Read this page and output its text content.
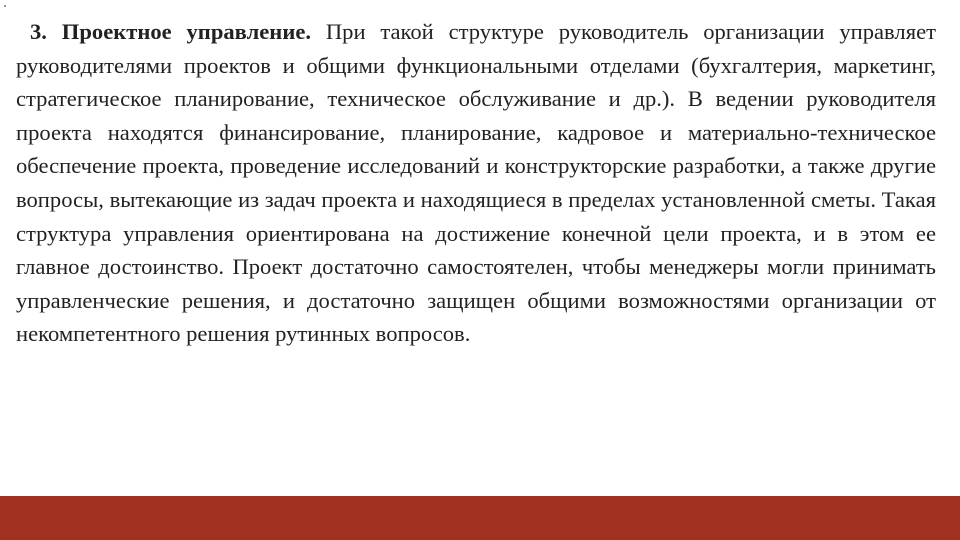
3. Проектное управление. При такой структуре руководитель организации управляет руководителями проектов и общими функциональными отделами (бухгалтерия, маркетинг, стратегическое планирование, техническое обслуживание и др.). В ведении руководителя проекта находятся финансирование, планирование, кадровое и материально-техническое обеспечение проекта, проведение исследований и конструкторские разработки, а также другие вопросы, вытекающие из задач проекта и находящиеся в пределах установленной сметы. Такая структура управления ориентирована на достижение конечной цели проекта, и в этом ее главное достоинство. Проект достаточно самостоятелен, чтобы менеджеры могли принимать управленческие решения, и достаточно защищен общими возможностями организации от некомпетентного решения рутинных вопросов.
